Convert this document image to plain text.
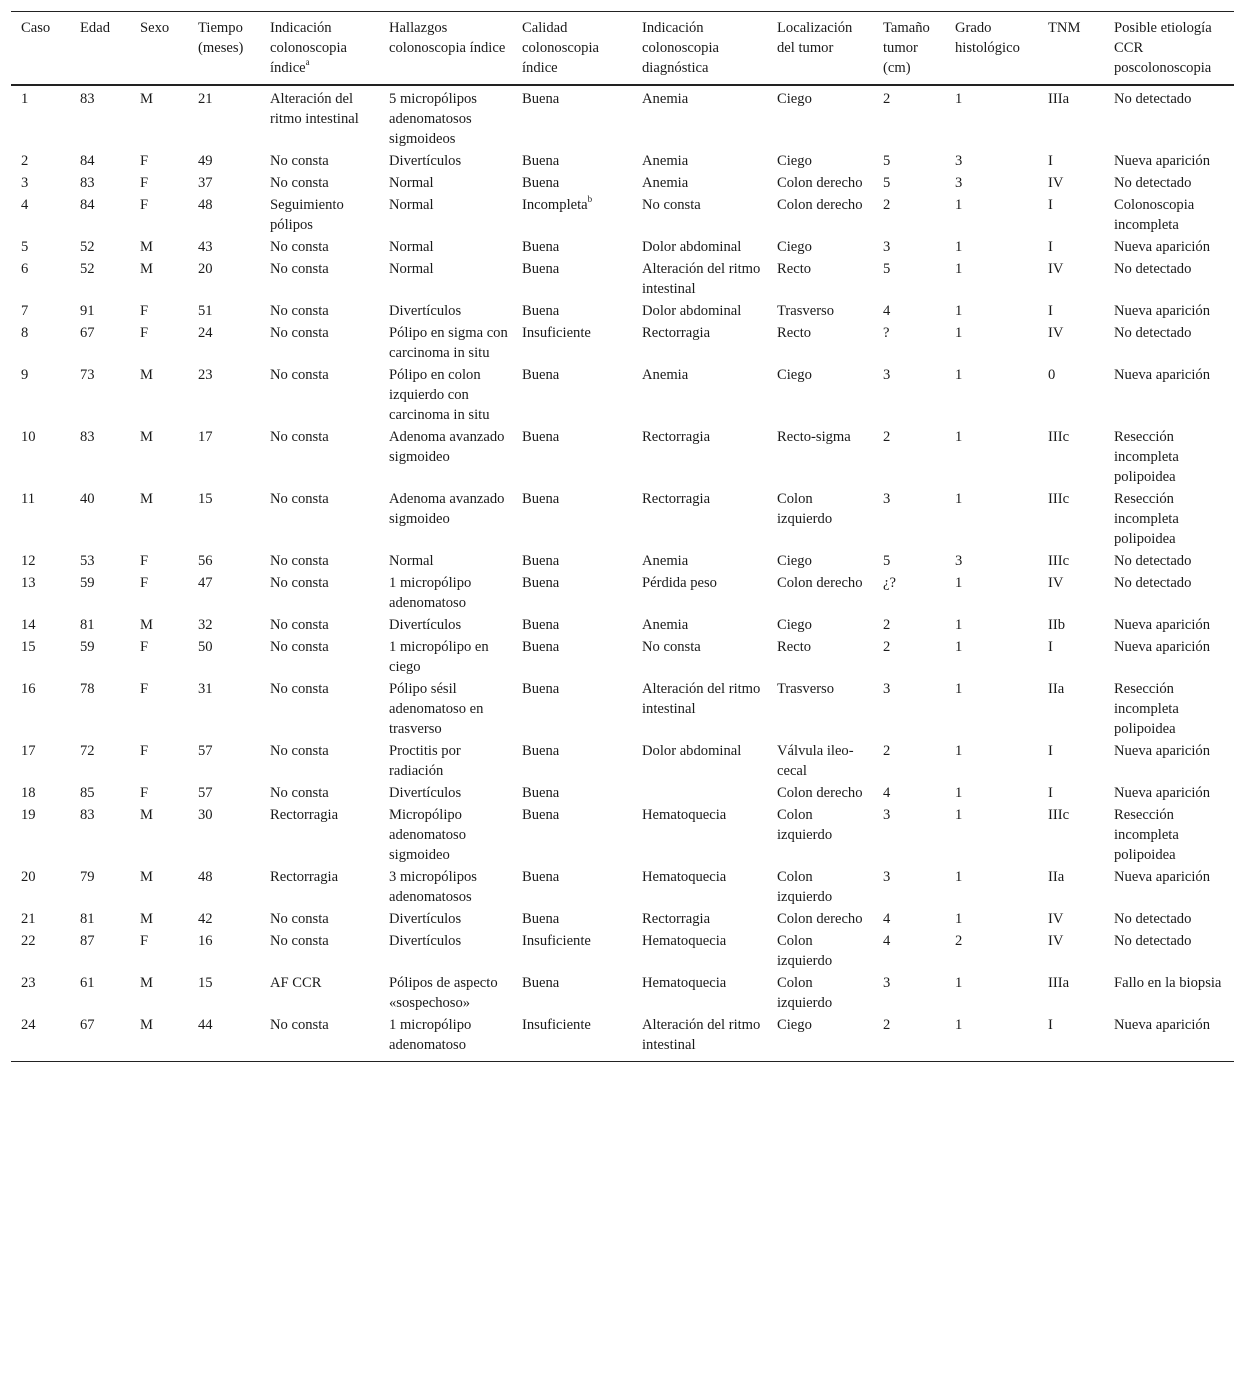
Caso	Edad	Sexo	Tiempo (meses)	Indicación colonoscopia índice$^a$	Hallazgos colonoscopia índice	Calidad colonoscopia índice	Indicación colonoscopia diagnóstica	Localización del tumor	Tamaño tumor (cm)	Grado histológico	TNM	Posible etiología CCR poscolonoscopia
1	83	M	21	Alteración del ritmo intestinal	5 micropólipos adenomatosos sigmoideos	Buena	Anemia	Ciego	2	1	IIIa	No detectado
2	84	F	49	No consta	Divertículos	Buena	Anemia	Ciego	5	3	I	Nueva aparición
3	83	F	37	No consta	Normal	Buena	Anemia	Colon derecho	5	3	IV	No detectado
4	84	F	48	Seguimiento pólipos	Normal	Incompleta$^b$	No consta	Colon derecho	2	1	I	Colonoscopia incompleta
5	52	M	43	No consta	Normal	Buena	Dolor abdominal	Ciego	3	1	I	Nueva aparición
6	52	M	20	No consta	Normal	Buena	Alteración del ritmo intestinal	Recto	5	1	IV	No detectado
7	91	F	51	No consta	Divertículos	Buena	Dolor abdominal	Trasverso	4	1	I	Nueva aparición
8	67	F	24	No consta	Pólipo en sigma con carcinoma in situ	Insuficiente	Rectorragia	Recto	?	1	IV	No detectado
9	73	M	23	No consta	Pólipo en colon izquierdo con carcinoma in situ	Buena	Anemia	Ciego	3	1	0	Nueva aparición
10	83	M	17	No consta	Adenoma avanzado sigmoideo	Buena	Rectorragia	Recto-sigma	2	1	IIIc	Resección incompleta polipoidea
11	40	M	15	No consta	Adenoma avanzado sigmoideo	Buena	Rectorragia	Colon izquierdo	3	1	IIIc	Resección incompleta polipoidea
12	53	F	56	No consta	Normal	Buena	Anemia	Ciego	5	3	IIIc	No detectado
13	59	F	47	No consta	1 micropólipo adenomatoso	Buena	Pérdida peso	Colon derecho	¿?	1	IV	No detectado
14	81	M	32	No consta	Divertículos	Buena	Anemia	Ciego	2	1	IIb	Nueva aparición
15	59	F	50	No consta	1 micropólipo en ciego	Buena	No consta	Recto	2	1	I	Nueva aparición
16	78	F	31	No consta	Pólipo sésil adenomatoso en trasverso	Buena	Alteración del ritmo intestinal	Trasverso	3	1	IIa	Resección incompleta polipoidea
17	72	F	57	No consta	Proctitis por radiación	Buena	Dolor abdominal	Válvula ileo-cecal	2	1	I	Nueva aparición
18	85	F	57	No consta	Divertículos	Buena		Colon derecho	4	1	I	Nueva aparición
19	83	M	30	Rectorragia	Micropólipo adenomatoso sigmoideo	Buena	Hematoquecia	Colon izquierdo	3	1	IIIc	Resección incompleta polipoidea
20	79	M	48	Rectorragia	3 micropólipos adenomatosos	Buena	Hematoquecia	Colon izquierdo	3	1	IIa	Nueva aparición
21	81	M	42	No consta	Divertículos	Buena	Rectorragia	Colon derecho	4	1	IV	No detectado
22	87	F	16	No consta	Divertículos	Insuficiente	Hematoquecia	Colon izquierdo	4	2	IV	No detectado
23	61	M	15	AF CCR	Pólipos de aspecto «sospechoso»	Buena	Hematoquecia	Colon izquierdo	3	1	IIIa	Fallo en la biopsia
24	67	M	44	No consta	1 micropólipo adenomatoso	Insuficiente	Alteración del ritmo intestinal	Ciego	2	1	I	Nueva aparición
